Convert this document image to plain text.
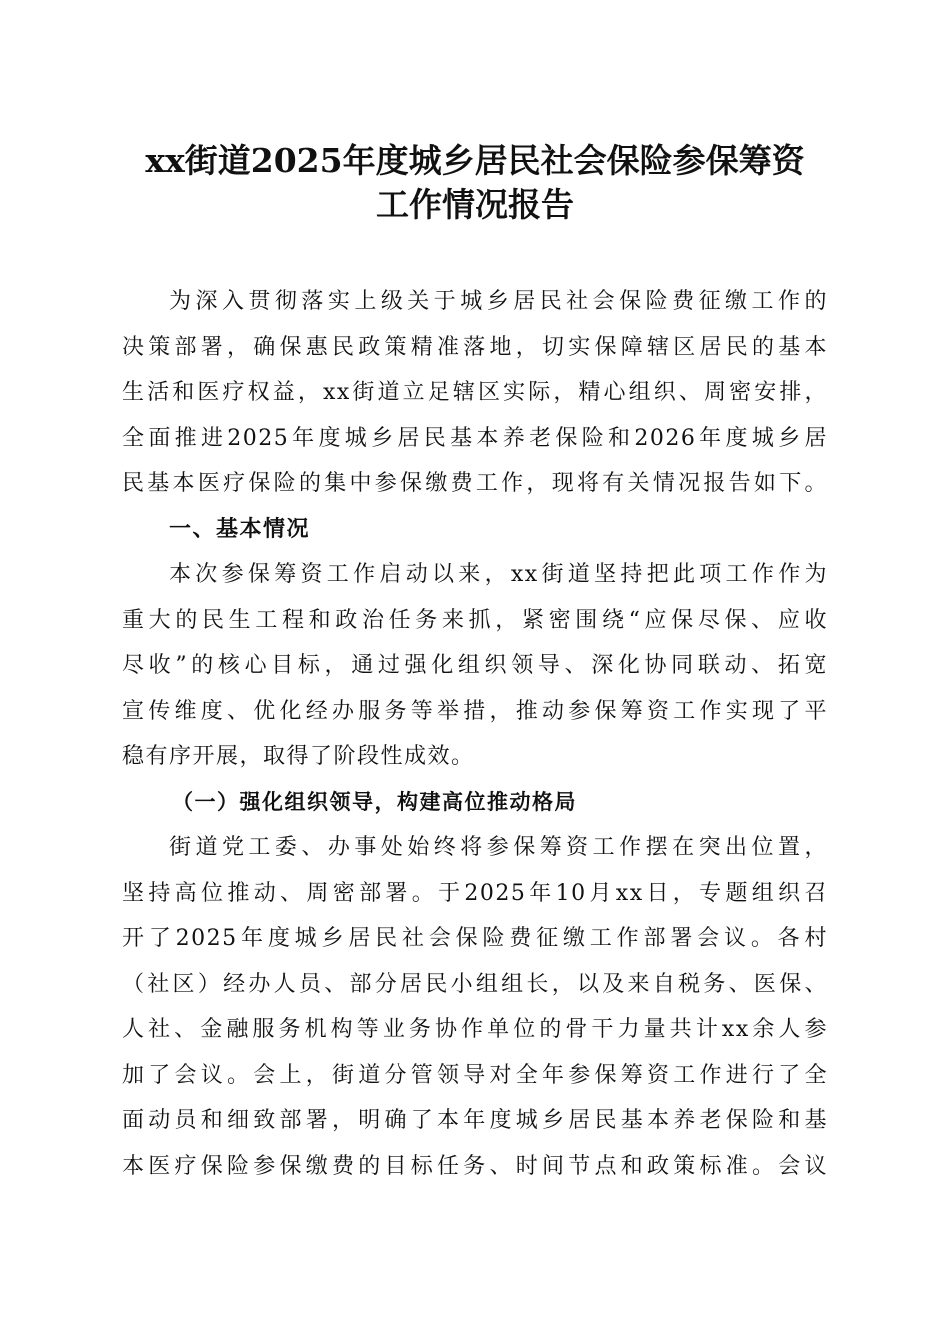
xx街道2025年度城乡居民社会保险参保筹资
工作情况报告

为深入贯彻落实上级关于城乡居民社会保险费征缴工作的
决策部署，确保惠民政策精准落地，切实保障辖区居民的基本
生活和医疗权益，xx街道立足辖区实际，精心组织、周密安排，
全面推进2025年度城乡居民基本养老保险和2026年度城乡居
民基本医疗保险的集中参保缴费工作，现将有关情况报告如下。

一、基本情况

本次参保筹资工作启动以来，xx街道坚持把此项工作作为
重大的民生工程和政治任务来抓，紧密围绕“应保尽保、应收
尽收”的核心目标，通过强化组织领导、深化协同联动、拓宽
宣传维度、优化经办服务等举措，推动参保筹资工作实现了平
稳有序开展，取得了阶段性成效。

（一）强化组织领导，构建高位推动格局

街道党工委、办事处始终将参保筹资工作摆在突出位置，
坚持高位推动、周密部署。于2025年10月xx日，专题组织召
开了2025年度城乡居民社会保险费征缴工作部署会议。各村
（社区）经办人员、部分居民小组组长，以及来自税务、医保、
人社、金融服务机构等业务协作单位的骨干力量共计xx余人参
加了会议。会上，街道分管领导对全年参保筹资工作进行了全
面动员和细致部署，明确了本年度城乡居民基本养老保险和基
本医疗保险参保缴费的目标任务、时间节点和政策标准。会议
